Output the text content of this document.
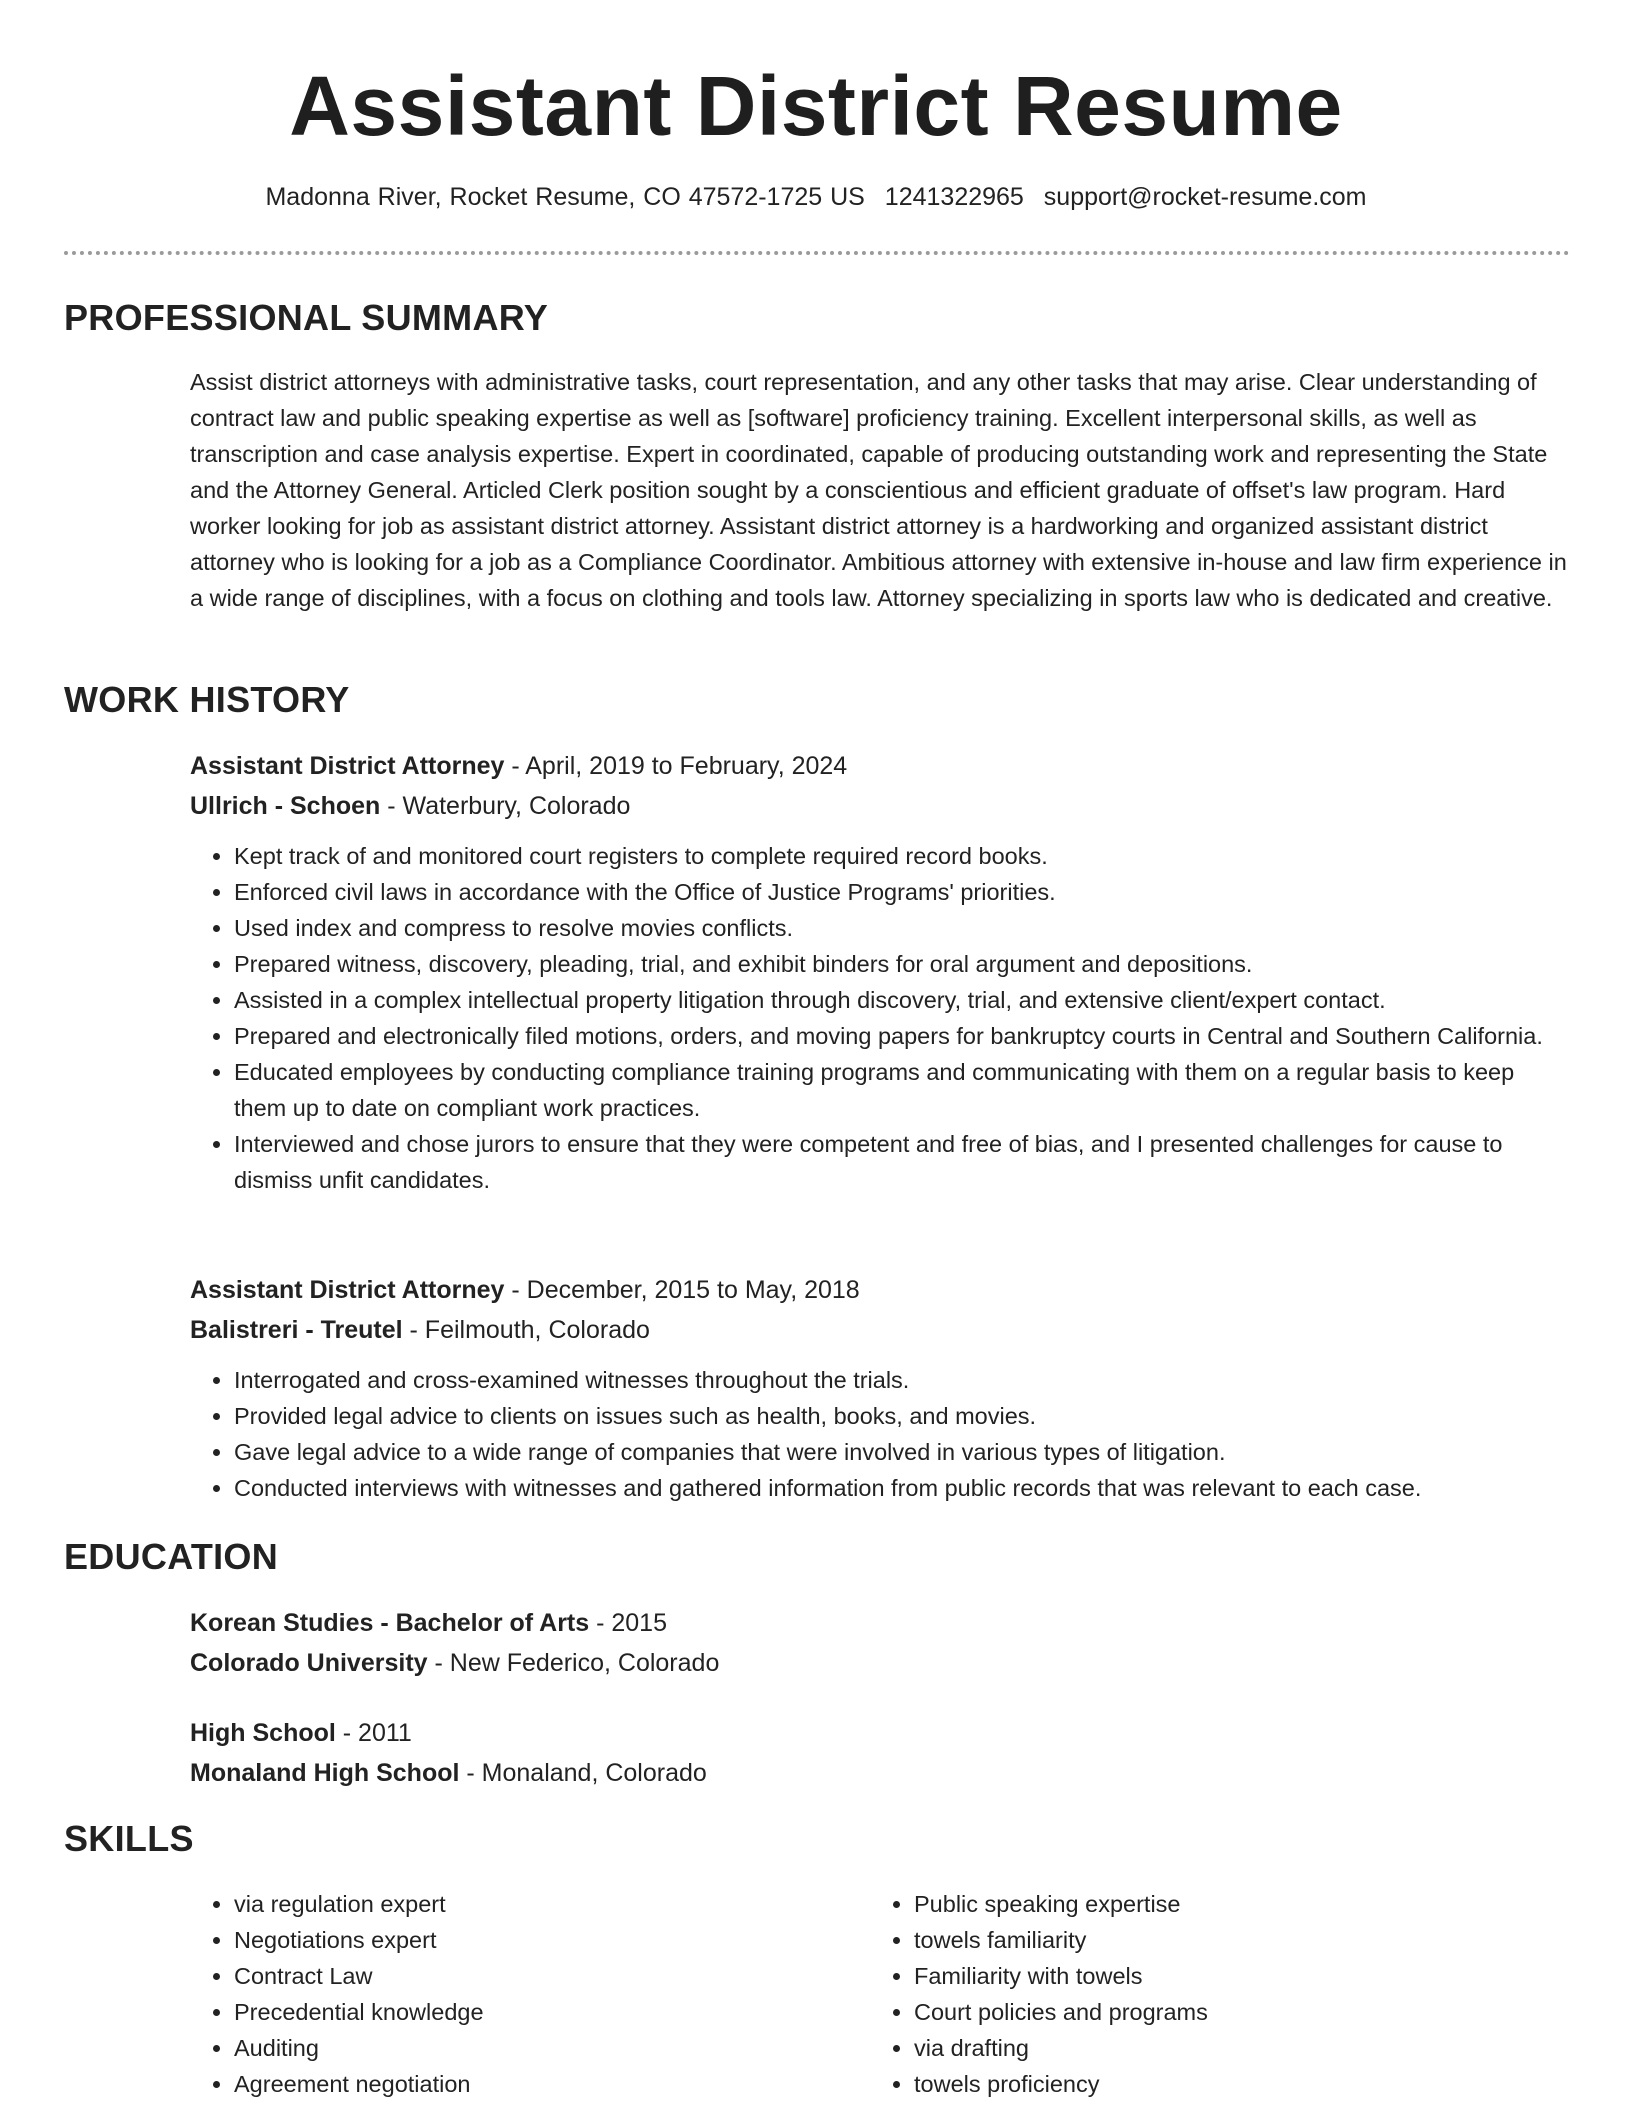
Assistant District Resume
Madonna River, Rocket Resume, CO 47572-1725 US 1241322965 support@rocket-resume.com
PROFESSIONAL SUMMARY
Assist district attorneys with administrative tasks, court representation, and any other tasks that may arise. Clear understanding of contract law and public speaking expertise as well as [software] proficiency training. Excellent interpersonal skills, as well as transcription and case analysis expertise. Expert in coordinated, capable of producing outstanding work and representing the State and the Attorney General. Articled Clerk position sought by a conscientious and efficient graduate of offset's law program. Hard worker looking for job as assistant district attorney. Assistant district attorney is a hardworking and organized assistant district attorney who is looking for a job as a Compliance Coordinator. Ambitious attorney with extensive in-house and law firm experience in a wide range of disciplines, with a focus on clothing and tools law. Attorney specializing in sports law who is dedicated and creative.
WORK HISTORY
Assistant District Attorney - April, 2019 to February, 2024
Ullrich - Schoen - Waterbury, Colorado
• Kept track of and monitored court registers to complete required record books.
• Enforced civil laws in accordance with the Office of Justice Programs' priorities.
• Used index and compress to resolve movies conflicts.
• Prepared witness, discovery, pleading, trial, and exhibit binders for oral argument and depositions.
• Assisted in a complex intellectual property litigation through discovery, trial, and extensive client/expert contact.
• Prepared and electronically filed motions, orders, and moving papers for bankruptcy courts in Central and Southern California.
• Educated employees by conducting compliance training programs and communicating with them on a regular basis to keep them up to date on compliant work practices.
• Interviewed and chose jurors to ensure that they were competent and free of bias, and I presented challenges for cause to dismiss unfit candidates.
Assistant District Attorney - December, 2015 to May, 2018
Balistreri - Treutel - Feilmouth, Colorado
• Interrogated and cross-examined witnesses throughout the trials.
• Provided legal advice to clients on issues such as health, books, and movies.
• Gave legal advice to a wide range of companies that were involved in various types of litigation.
• Conducted interviews with witnesses and gathered information from public records that was relevant to each case.
EDUCATION
Korean Studies - Bachelor of Arts - 2015
Colorado University - New Federico, Colorado
High School - 2011
Monaland High School - Monaland, Colorado
SKILLS
• via regulation expert
• Negotiations expert
• Contract Law
• Precedential knowledge
• Auditing
• Agreement negotiation
• Public speaking expertise
• towels familiarity
• Familiarity with towels
• Court policies and programs
• via drafting
• towels proficiency
